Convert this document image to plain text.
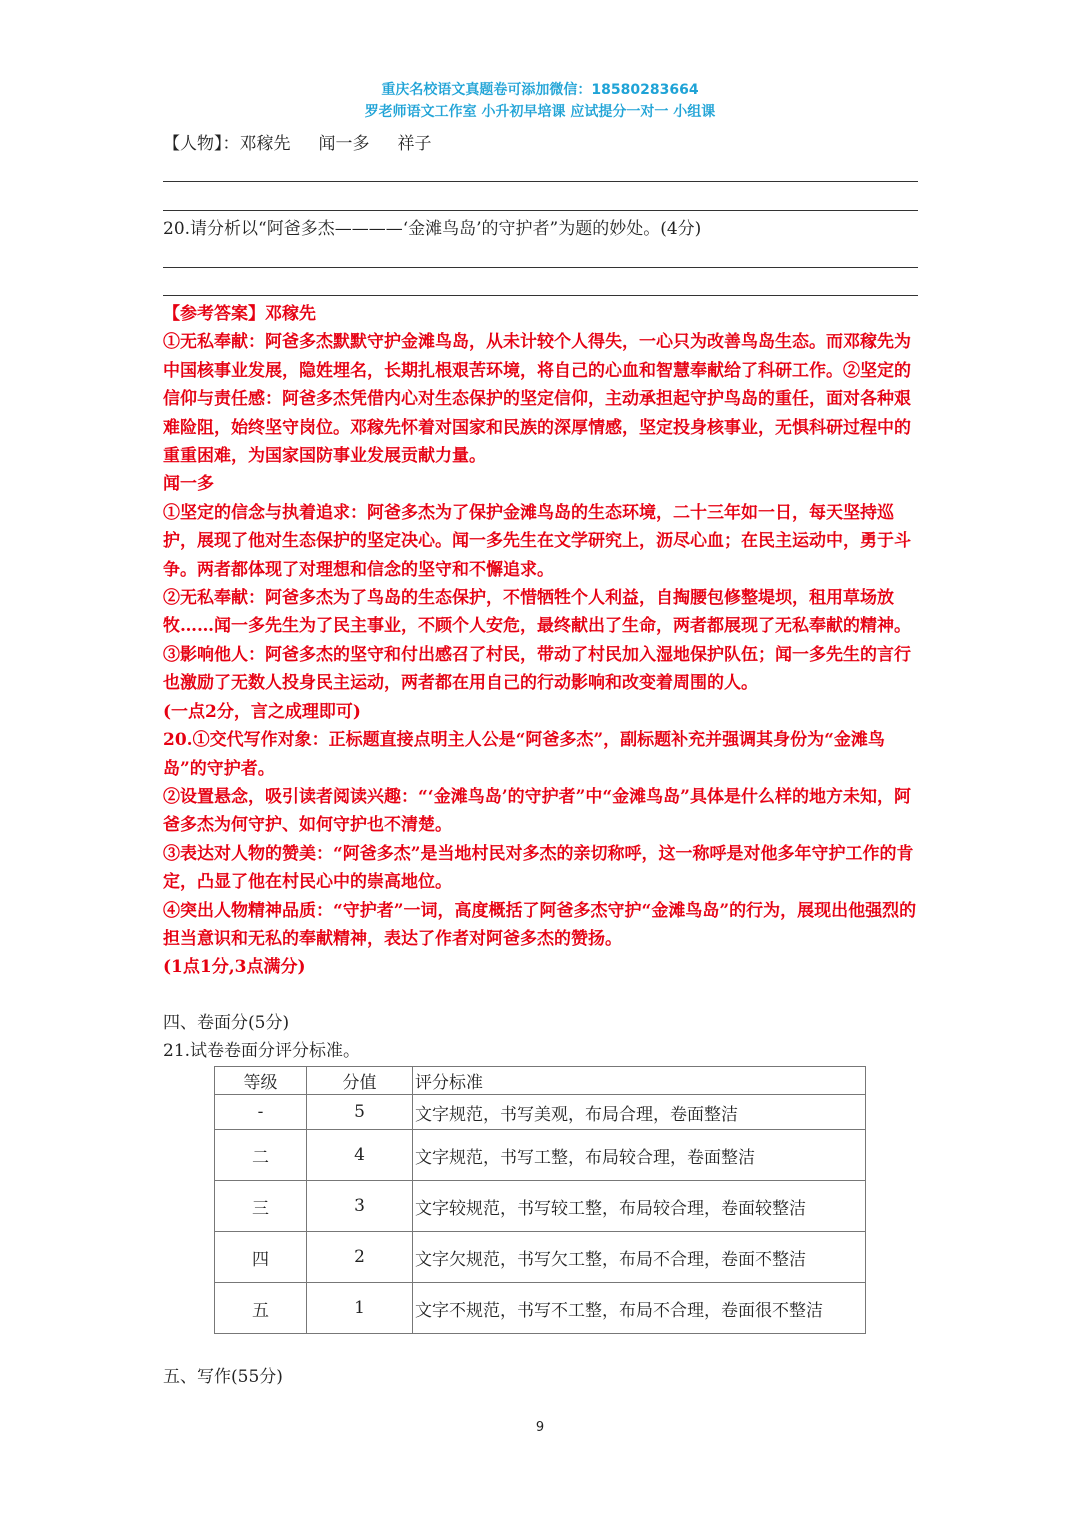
重庆名校语文真题卷可添加微信：18580283664
罗老师语文工作室 小升初早培课 应试提分一对一 小组课
【人物】：邓稼先 闻一多 祥子
20.请分析以“阿爸多杰————‘金滩鸟岛’的守护者”为题的妙处。(4分)

【参考答案】邓稼先

①无私奉献：阿爸多杰默默守护金滩鸟岛，从未计较个人得失，一心只为改善鸟岛生态。而邓稼先为中国核事业发展，隐姓埋名，长期扎根艰苦环境，将自己的心血和智慧奉献给了科研工作。②坚定的信仰与责任感：阿爸多杰凭借内心对生态保护的坚定信仰，主动承担起守护鸟岛的重任，面对各种艰难险阻，始终坚守岗位。邓稼先怀着对国家和民族的深厚情感，坚定投身核事业，无惧科研过程中的重重困难，为国家国防事业发展贡献力量。

闻一多

①坚定的信念与执着追求：阿爸多杰为了保护金滩鸟岛的生态环境，二十三年如一日，每天坚持巡护，展现了他对生态保护的坚定决心。闻一多先生在文学研究上，沥尽心血；在民主运动中，勇于斗争。两者都体现了对理想和信念的坚守和不懈追求。

②无私奉献：阿爸多杰为了鸟岛的生态保护，不惜牺牲个人利益，自掏腰包修整堤坝，租用草场放牧……闻一多先生为了民主事业，不顾个人安危，最终献出了生命，两者都展现了无私奉献的精神。

③影响他人：阿爸多杰的坚守和付出感召了村民，带动了村民加入湿地保护队伍；闻一多先生的言行也激励了无数人投身民主运动，两者都在用自己的行动影响和改变着周围的人。

(一点2分，言之成理即可)

20.①交代写作对象：正标题直接点明主人公是“阿爸多杰”，副标题补充并强调其身份为“金滩鸟岛”的守护者。

②设置悬念，吸引读者阅读兴趣：“‘金滩鸟岛’的守护者”中“金滩鸟岛”具体是什么样的地方未知，阿爸多杰为何守护、如何守护也不清楚。

③表达对人物的赞美：“阿爸多杰”是当地村民对多杰的亲切称呼，这一称呼是对他多年守护工作的肯定，凸显了他在村民心中的崇高地位。

④突出人物精神品质：“守护者”一词，高度概括了阿爸多杰守护“金滩鸟岛”的行为，展现出他强烈的担当意识和无私的奉献精神，表达了作者对阿爸多杰的赞扬。

(1点1分,3点满分)

四、卷面分(5分)
21.试卷卷面分评分标准。
等级	分值	评分标准
-	5	文字规范，书写美观，布局合理，卷面整洁
二	4	文字规范，书写工整，布局较合理，卷面整洁
三	3	文字较规范，书写较工整，布局较合理，卷面较整洁
四	2	文字欠规范，书写欠工整，布局不合理，卷面不整洁
五	1	文字不规范，书写不工整，布局不合理，卷面很不整洁
五、写作(55分)
9
